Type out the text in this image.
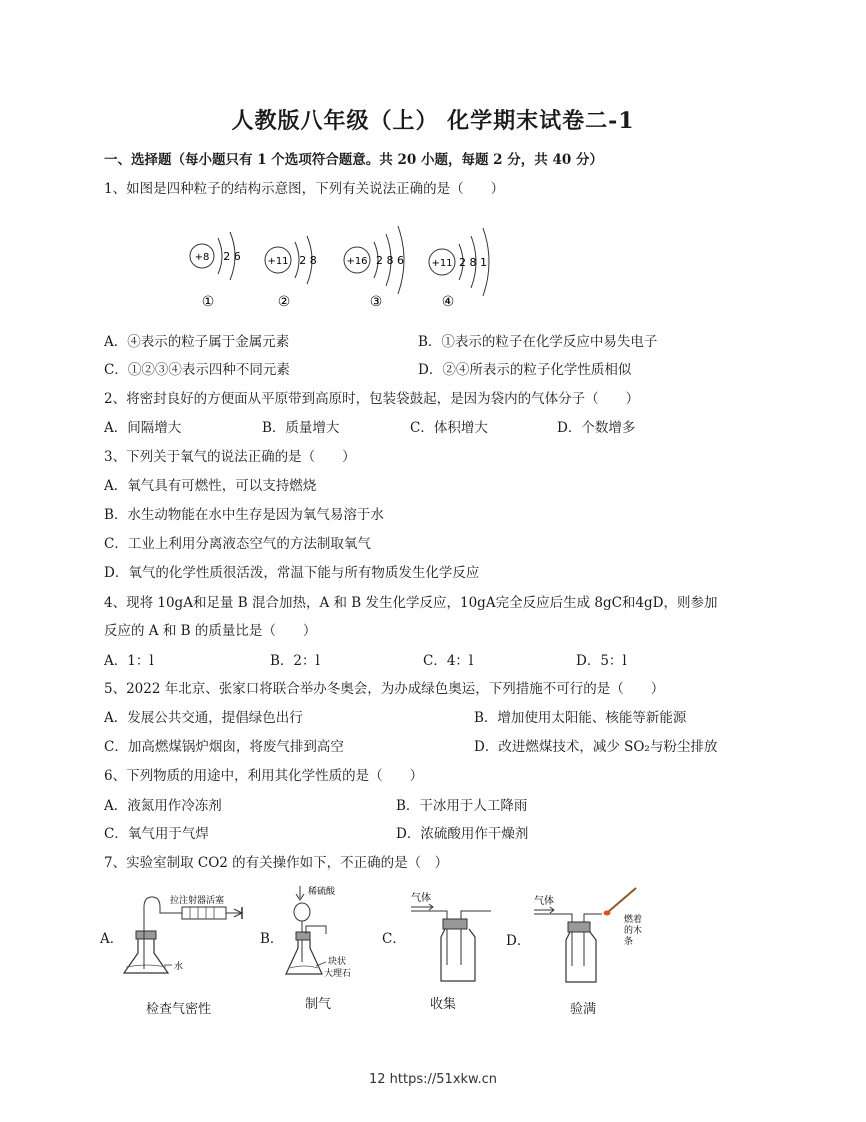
人教版八年级（上） 化学期末试卷二-1
一、选择题（每小题只有 1 个选项符合题意。共 20 小题，每题 2 分，共 40 分）
1、如图是四种粒子的结构示意图，下列有关说法正确的是（　　）
+8 2 6
①
+11 2 8
②
+16 2 8 6
③
+11 2 8 1
④
A．④表示的粒子属于金属元素	B．①表示的粒子在化学反应中易失电子
C．①②③④表示四种不同元素	D．②④所表示的粒子化学性质相似
2、将密封良好的方便面从平原带到高原时，包装袋鼓起，是因为袋内的气体分子（　　）
A．间隔增大	B．质量增大	C．体积增大	D．个数增多
3、下列关于氧气的说法正确的是（　　）
A．氧气具有可燃性，可以支持燃烧
B．水生动物能在水中生存是因为氧气易溶于水
C．工业上利用分离液态空气的方法制取氧气
D．氧气的化学性质很活泼，常温下能与所有物质发生化学反应
4、现将 10gA和足量 B 混合加热，A 和 B 发生化学反应，10gA完全反应后生成 8gC和4gD，则参加
反应的 A 和 B 的质量比是（　　）
A．1：l	B．2：l	C．4：l	D．5：l
5、2022 年北京、张家口将联合举办冬奥会，为办成绿色奥运，下列措施不可行的是（　　）
A．发展公共交通，提倡绿色出行	B．增加使用太阳能、核能等新能源
C．加高燃煤锅炉烟囱，将废气排到高空	D．改进燃煤技术，减少 SO₂与粉尘排放
6、下列物质的用途中，利用其化学性质的是（　　）
A．液氮用作冷冻剂	B．干冰用于人工降雨
C．氧气用于气焊	D．浓硫酸用作干燥剂
7、实验室制取 CO2 的有关操作如下，不正确的是（　）
A．	B．	C．	D．
拉注射器活塞
水
稀硫酸
块状
大理石
气体	气体
燃着
的木
条
检查气密性	制气	收集	验满
12 https://51xkw.cn
